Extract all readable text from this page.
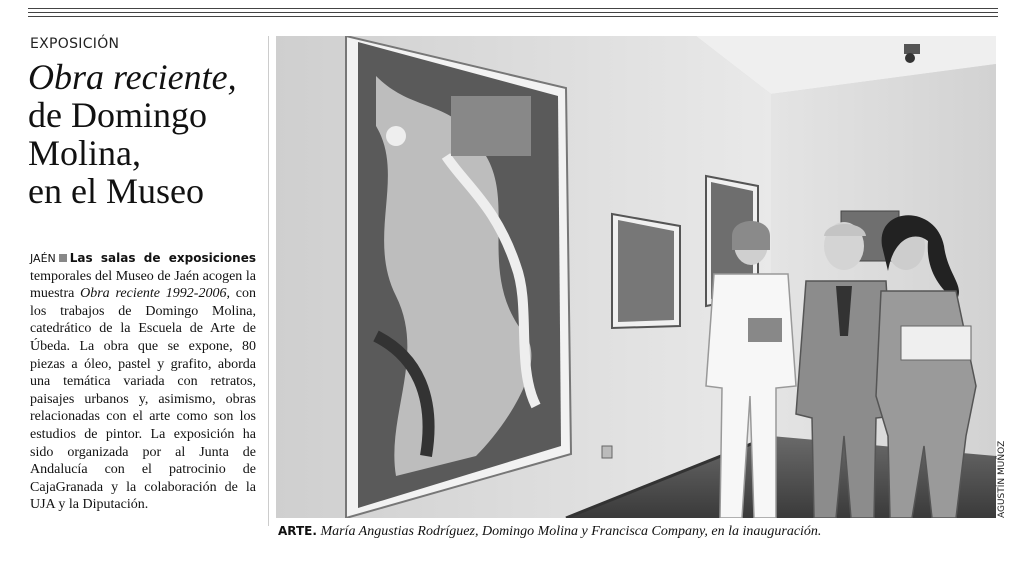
EXPOSICIÓN
Obra reciente,
de Domingo
Molina,
en el Museo
JAÉN Las salas de exposiciones temporales del Museo de Jaén acogen la muestra Obra reciente 1992-2006, con los trabajos de Domingo Molina, catedrático de la Escuela de Arte de Úbeda. La obra que se expone, 80 piezas a óleo, pastel y grafito, aborda una temática variada con retratos, paisajes urbanos y, asimismo, obras relacionadas con el arte como son los estudios de pintor. La exposición ha sido organizada por al Junta de Andalucía con el patrocinio de CajaGranada y la colaboración de la UJA y la Diputación.	AGUSTÍN MUÑOZ
ARTE. María Angustias Rodríguez, Domingo Molina y Francisca Company, en la inauguración.
